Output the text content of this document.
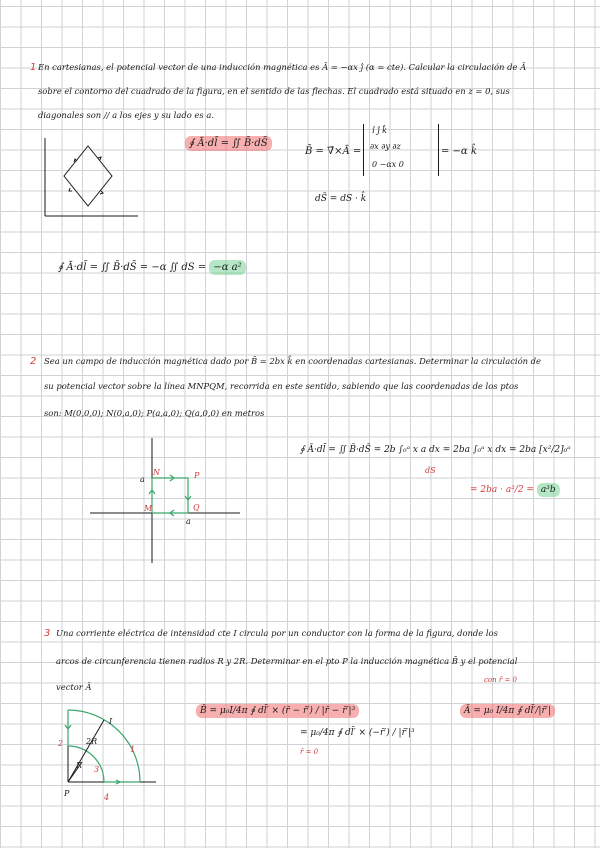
1 En cartesianas, el potencial vector de una inducción magnética es Ā = −αx ĵ (α = cte). Calcular la circulación de Ā
sobre el contorno del cuadrado de la figura, en el sentido de las flechas. El cuadrado está situado en z = 0, sus
diagonales son // a los ejes y su lado es a.
∮ Ā·dl̄ = ∬ B̄·dS̄
B̄ = ∇̄×Ā =
î ĵ k̂
∂x ∂y ∂z
0 −αx 0
= −α k̂
dS̄ = dS · k̂
∮ Ā·dl̄ = ∬ B̄·dS̄ = −α ∬ dS = −α a²
2 Sea un campo de inducción magnética dado por B̄ = 2bx k̂ en coordenadas cartesianas. Determinar la circulación de
su potencial vector sobre la línea MNPQM, recorrida en este sentido, sabiendo que las coordenadas de los ptos
son: M(0,0,0); N(0,a,0); P(a,a,0); Q(a,0,0) en metros
N	P
M	Q
a
a
∮ Ā·dl̄ = ∬ B̄·dS̄ = 2b ∫₀ᵃ x a dx = 2ba ∫₀ᵃ x dx = 2ba [x²/2]₀ᵃ
dS
= 2ba · a²/2 = a³b
3 Una corriente eléctrica de intensidad cte I circula por un conductor con la forma de la figura, donde los
arcos de circunferencia tienen radios R y 2R. Determinar en el pto P la inducción magnética B̄ y el potencial
vector Ā
I
2R
R
P
1
2
3
4
B̄ = μ₀I/4π ∮ dl̄′ × (r̄ − r̄′) / |r̄ − r̄′|³
= μ₀/4π ∮ dl̄′ × (−r̄′) / |r̄′|³
r̄ = 0
con r̄ = 0
Ā = μ₀ I/4π ∮ dl̄′/|r̄′|
